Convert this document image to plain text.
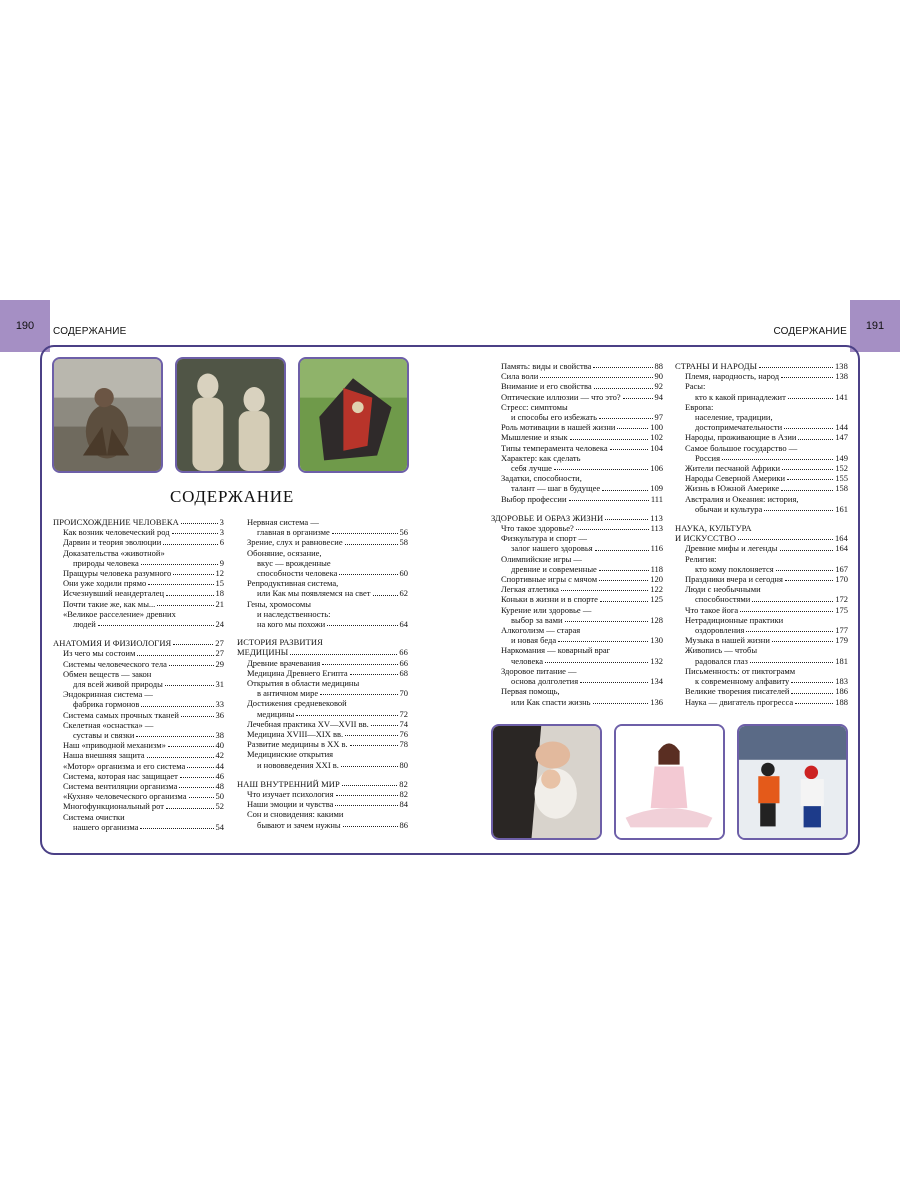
190 СОДЕРЖАНИЕ	СОДЕРЖАНИЕ 191
СОДЕРЖАНИЕ
ПРОИСХОЖДЕНИЕ ЧЕЛОВЕКА	3
Как возник человеческий род	3
Дарвин и теория эволюции	6
Доказательства «животной»
природы человека	9
Пращуры человека разумного	12
Они уже ходили прямо	15
Исчезнувший неандерталец	18
Почти такие же, как мы...	21
«Великое расселение» древних
людей	24
АНАТОМИЯ И ФИЗИОЛОГИЯ	27
Из чего мы состоим	27
Системы человеческого тела	29
Обмен веществ — закон
для всей живой природы	31
Эндокринная система —
фабрика гормонов	33
Система самых прочных тканей	36
Скелетная «оснастка» —
суставы и связки	38
Наш «приводной механизм»	40
Наша внешняя защита	42
«Мотор» организма и его система	44
Система, которая нас защищает	46
Система вентиляции организма	48
«Кухня» человеческого организма	50
Многофункциональный рот	52
Система очистки
нашего организма	54
Нервная система —
главная в организме	56
Зрение, слух и равновесие	58
Обоняние, осязание,
вкус — врожденные
способности человека	60
Репродуктивная система,
или Как мы появляемся на свет	62
Гены, хромосомы
и наследственность:
на кого мы похожи	64
ИСТОРИЯ РАЗВИТИЯ
МЕДИЦИНЫ	66
Древние врачевания	66
Медицина Древнего Египта	68
Открытия в области медицины
в античном мире	70
Достижения средневековой
медицины	72
Лечебная практика XV—XVII вв.	74
Медицина XVIII—XIX вв.	76
Развитие медицины в XX в.	78
Медицинские открытия
и нововведения XXI в.	80
НАШ ВНУТРЕННИЙ МИР	82
Что изучает психология	82
Наши эмоции и чувства	84
Сон и сновидения: какими
бывают и зачем нужны	86
Память: виды и свойства	88
Сила воли	90
Внимание и его свойства	92
Оптические иллюзии — что это?	94
Стресс: симптомы
и способы его избежать	97
Роль мотивации в нашей жизни	100
Мышление и язык	102
Типы темперамента человека	104
Характер: как сделать
себя лучше	106
Задатки, способности,
талант — шаг в будущее	109
Выбор профессии	111
ЗДОРОВЬЕ И ОБРАЗ ЖИЗНИ	113
Что такое здоровье?	113
Физкультура и спорт —
залог нашего здоровья	116
Олимпийские игры —
древние и современные	118
Спортивные игры с мячом	120
Легкая атлетика	122
Коньки в жизни и в спорте	125
Курение или здоровье —
выбор за вами	128
Алкоголизм — старая
и новая беда	130
Наркомания — коварный враг
человека	132
Здоровое питание —
основа долголетия	134
Первая помощь,
или Как спасти жизнь	136
СТРАНЫ И НАРОДЫ	138
Племя, народность, народ	138
Расы:
кто к какой принадлежит	141
Европа:
население, традиции,
достопримечательности	144
Народы, проживающие в Азии	147
Самое большое государство —
Россия	149
Жители песчаной Африки	152
Народы Северной Америки	155
Жизнь в Южной Америке	158
Австралия и Океания: история,
обычаи и культура	161
НАУКА, КУЛЬТУРА
И ИСКУССТВО	164
Древние мифы и легенды	164
Религия:
кто кому поклоняется	167
Праздники вчера и сегодня	170
Люди с необычными
способностями	172
Что такое йога	175
Нетрадиционные практики
оздоровления	177
Музыка в нашей жизни	179
Живопись — чтобы
радовался глаз	181
Письменность: от пиктограмм
к современному алфавиту	183
Великие творения писателей	186
Наука — двигатель прогресса	188
